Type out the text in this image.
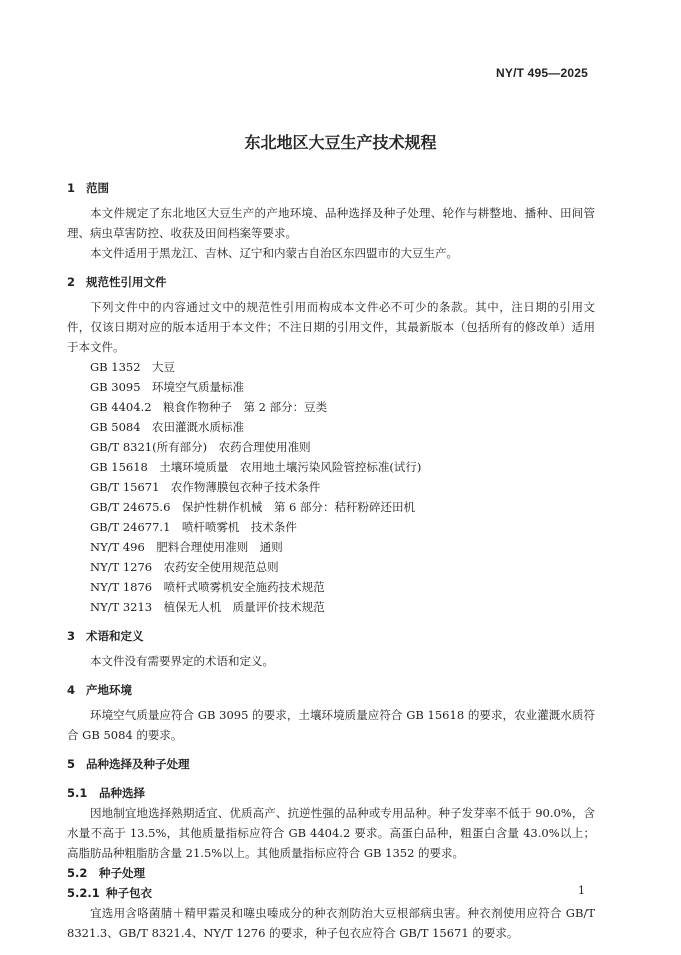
NY/T 495—2025
东北地区大豆生产技术规程
1 范围

本文件规定了东北地区大豆生产的产地环境、品种选择及种子处理、轮作与耕整地、播种、田间管理、病虫草害防控、收获及田间档案等要求。

本文件适用于黑龙江、吉林、辽宁和内蒙古自治区东四盟市的大豆生产。

2 规范性引用文件

下列文件中的内容通过文中的规范性引用而构成本文件必不可少的条款。其中，注日期的引用文件，仅该日期对应的版本适用于本文件；不注日期的引用文件，其最新版本（包括所有的修改单）适用于本文件。

GB 1352　大豆
GB 3095　环境空气质量标准
GB 4404.2　粮食作物种子　第 2 部分：豆类
GB 5084　农田灌溉水质标准
GB/T 8321(所有部分)　农药合理使用准则
GB 15618　土壤环境质量　农用地土壤污染风险管控标准(试行)
GB/T 15671　农作物薄膜包衣种子技术条件
GB/T 24675.6　保护性耕作机械　第 6 部分：秸秆粉碎还田机
GB/T 24677.1　喷杆喷雾机　技术条件
NY/T 496　肥料合理使用准则　通则
NY/T 1276　农药安全使用规范总则
NY/T 1876　喷杆式喷雾机安全施药技术规范
NY/T 3213　植保无人机　质量评价技术规范
3 术语和定义

本文件没有需要界定的术语和定义。

4 产地环境

环境空气质量应符合 GB 3095 的要求，土壤环境质量应符合 GB 15618 的要求，农业灌溉水质符合 GB 5084 的要求。

5 品种选择及种子处理
5.1 品种选择

因地制宜地选择熟期适宜、优质高产、抗逆性强的品种或专用品种。种子发芽率不低于 90.0%，含水量不高于 13.5%，其他质量指标应符合 GB 4404.2 要求。高蛋白品种，粗蛋白含量 43.0%以上；高脂肪品种粗脂肪含量 21.5%以上。其他质量指标应符合 GB 1352 的要求。

5.2 种子处理
5.2.1 种子包衣

宜选用含咯菌腈＋精甲霜灵和噻虫嗪成分的种衣剂防治大豆根部病虫害。种衣剂使用应符合 GB/T 8321.3、GB/T 8321.4、NY/T 1276 的要求，种子包衣应符合 GB/T 15671 的要求。

1
